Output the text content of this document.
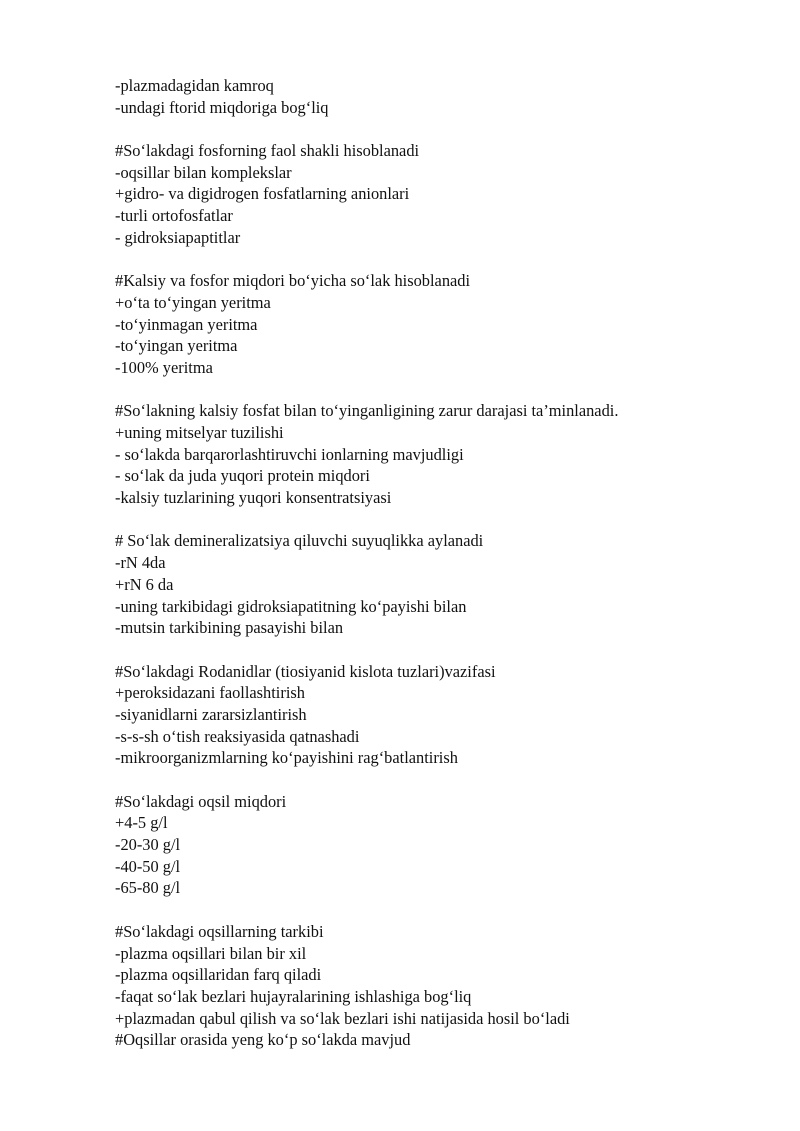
-plazmadagidan kamroq
-undagi ftorid miqdoriga bog‘liq
#So‘lakdagi fosforning faol shakli hisoblanadi
-oqsillar bilan komplekslar
+gidro- va digidrogen fosfatlarning anionlari
-turli ortofosfatlar
- gidroksiapaptitlar
#Kalsiy va fosfor miqdori bo‘yicha so‘lak hisoblanadi
+o‘ta to‘yingan yeritma
-to‘yinmagan yeritma
-to‘yingan yeritma
-100% yeritma
#So‘lakning kalsiy fosfat bilan to‘yinganligining zarur darajasi ta’minlanadi.
+uning mitselyar tuzilishi
- so‘lakda barqarorlashtiruvchi ionlarning mavjudligi
- so‘lak da juda yuqori protein miqdori
-kalsiy tuzlarining yuqori konsentratsiyasi
# So‘lak demineralizatsiya qiluvchi suyuqlikka aylanadi
-rN 4da
+rN 6 da
-uning tarkibidagi gidroksiapatitning ko‘payishi bilan
-mutsin tarkibining pasayishi bilan
#So‘lakdagi Rodanidlar (tiosiyanid kislota tuzlari)vazifasi
+peroksidazani faollashtirish
-siyanidlarni zararsizlantirish
-s-s-sh o‘tish reaksiyasida qatnashadi
-mikroorganizmlarning ko‘payishini rag‘batlantirish
#So‘lakdagi oqsil miqdori
+4-5 g/l
-20-30 g/l
-40-50 g/l
-65-80 g/l
#So‘lakdagi oqsillarning tarkibi
-plazma oqsillari bilan bir xil
-plazma oqsillaridan farq qiladi
-faqat so‘lak bezlari hujayralarining ishlashiga bog‘liq
+plazmadan qabul qilish va so‘lak bezlari ishi natijasida hosil bo‘ladi
#Oqsillar orasida yeng ko‘p so‘lakda mavjud
